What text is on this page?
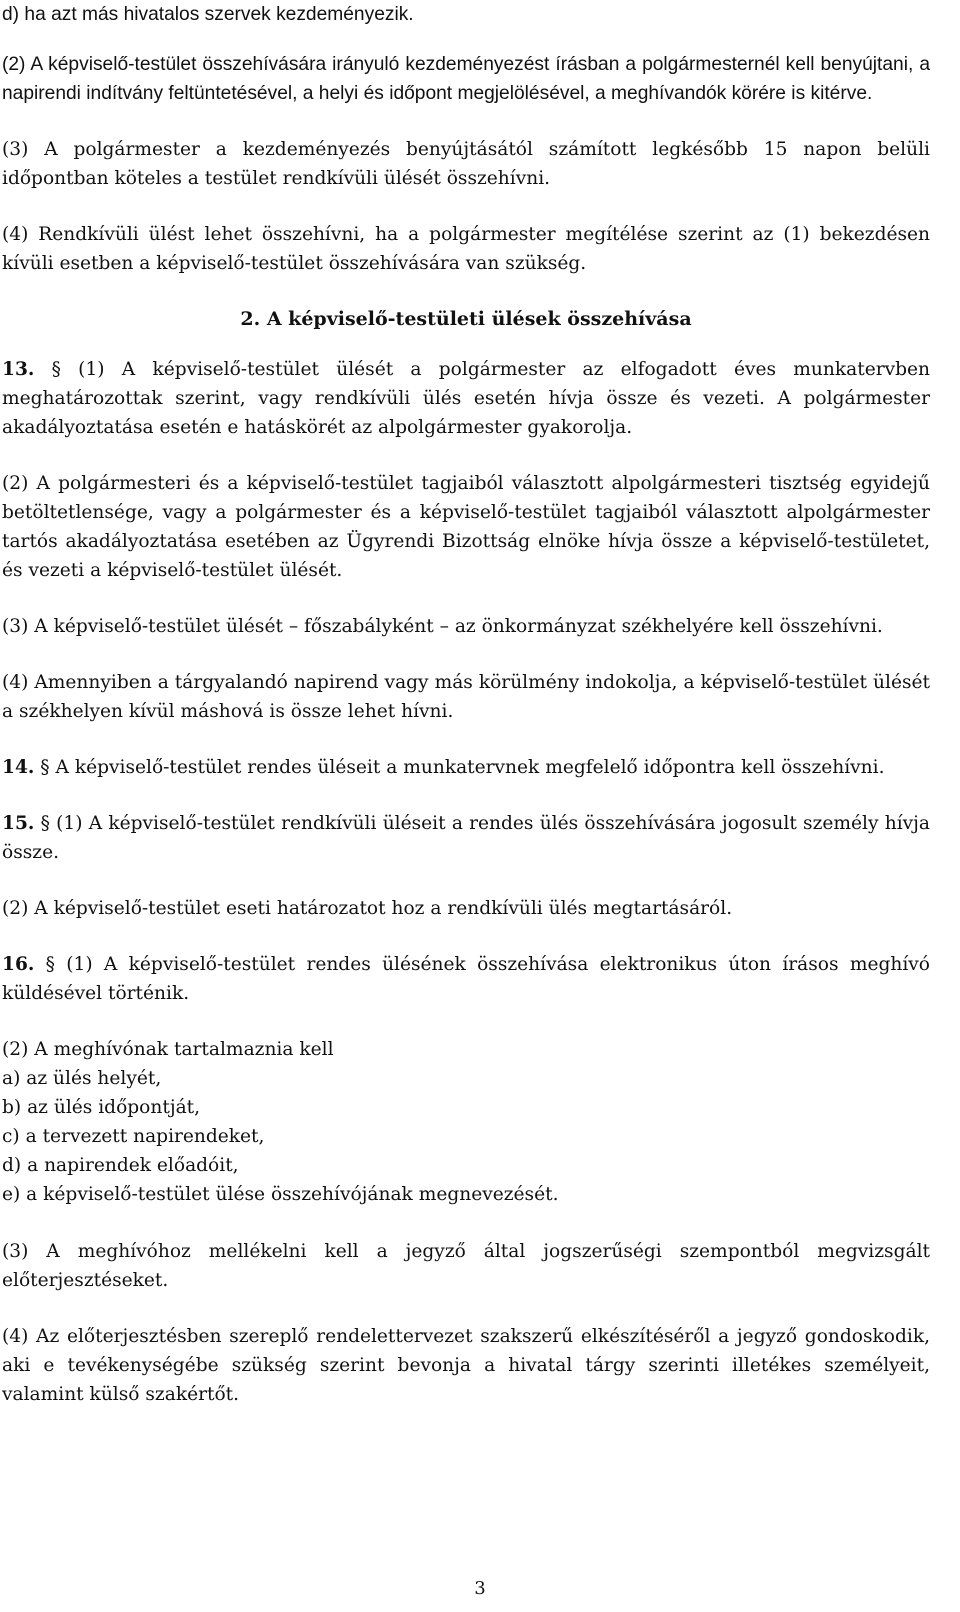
d) ha azt más hivatalos szervek kezdeményezik.

(2) A képviselő-testület összehívására irányuló kezdeményezést írásban a polgármesternél kell benyújtani, a napirendi indítvány feltüntetésével, a helyi és időpont megjelölésével, a meghívandók körére is kitérve.

(3) A polgármester a kezdeményezés benyújtásától számított legkésőbb 15 napon belüli időpontban köteles a testület rendkívüli ülését összehívni.

(4) Rendkívüli ülést lehet összehívni, ha a polgármester megítélése szerint az (1) bekezdésen kívüli esetben a képviselő-testület összehívására van szükség.

2. A képviselő-testületi ülések összehívása

13. § (1) A képviselő-testület ülését a polgármester az elfogadott éves munkatervben meghatározottak szerint, vagy rendkívüli ülés esetén hívja össze és vezeti. A polgármester akadályoztatása esetén e hatáskörét az alpolgármester gyakorolja.

(2) A polgármesteri és a képviselő-testület tagjaiból választott alpolgármesteri tisztség egyidejű betöltetlensége, vagy a polgármester és a képviselő-testület tagjaiból választott alpolgármester tartós akadályoztatása esetében az Ügyrendi Bizottság elnöke hívja össze a képviselő-testületet, és vezeti a képviselő-testület ülését.

(3) A képviselő-testület ülését – főszabályként – az önkormányzat székhelyére kell összehívni.

(4) Amennyiben a tárgyalandó napirend vagy más körülmény indokolja, a képviselő-testület ülését a székhelyen kívül máshová is össze lehet hívni.

14. § A képviselő-testület rendes üléseit a munkatervnek megfelelő időpontra kell összehívni.

15. § (1) A képviselő-testület rendkívüli üléseit a rendes ülés összehívására jogosult személy hívja össze.

(2) A képviselő-testület eseti határozatot hoz a rendkívüli ülés megtartásáról.

16. § (1) A képviselő-testület rendes ülésének összehívása elektronikus úton írásos meghívó küldésével történik.

(2) A meghívónak tartalmaznia kell
a) az ülés helyét,
b) az ülés időpontját,
c) a tervezett napirendeket,
d) a napirendek előadóit,
e) a képviselő-testület ülése összehívójának megnevezését.

(3) A meghívóhoz mellékelni kell a jegyző által jogszerűségi szempontból megvizsgált előterjesztéseket.

(4) Az előterjesztésben szereplő rendelettervezet szakszerű elkészítéséről a jegyző gondoskodik, aki e tevékenységébe szükség szerint bevonja a hivatal tárgy szerinti illetékes személyeit, valamint külső szakértőt.

3
